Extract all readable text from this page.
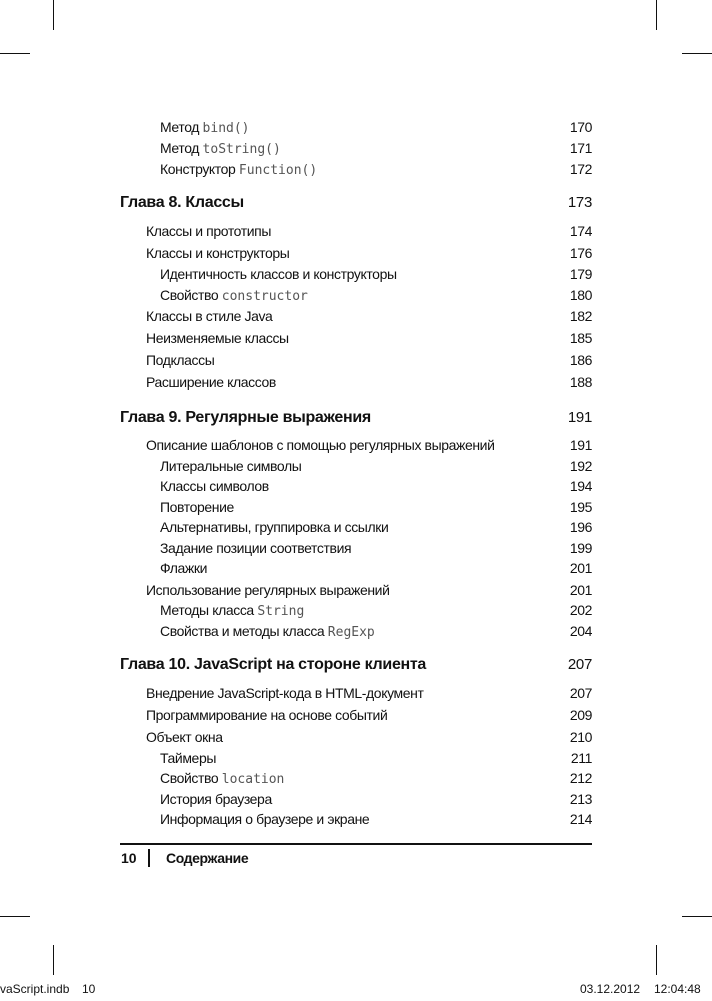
Метод bind()	170
Метод toString()	171
Конструктор Function()	172
Глава 8. Классы	173
Классы и прототипы	174
Классы и конструкторы	176
Идентичность классов и конструкторы	179
Свойство constructor	180
Классы в стиле Java	182
Неизменяемые классы	185
Подклассы	186
Расширение классов	188
Глава 9. Регулярные выражения	191
Описание шаблонов с помощью регулярных выражений	191
Литеральные символы	192
Классы символов	194
Повторение	195
Альтернативы, группировка и ссылки	196
Задание позиции соответствия	199
Флажки	201
Использование регулярных выражений	201
Методы класса String	202
Свойства и методы класса RegExp	204
Глава 10. JavaScript на стороне клиента	207
Внедрение JavaScript-кода в HTML-документ	207
Программирование на основе событий	209
Объект окна	210
Таймеры	211
Свойство location	212
История браузера	213
Информация о браузере и экране	214
10 Содержание
vaScript.indb 10	03.12.2012 12:04:48
